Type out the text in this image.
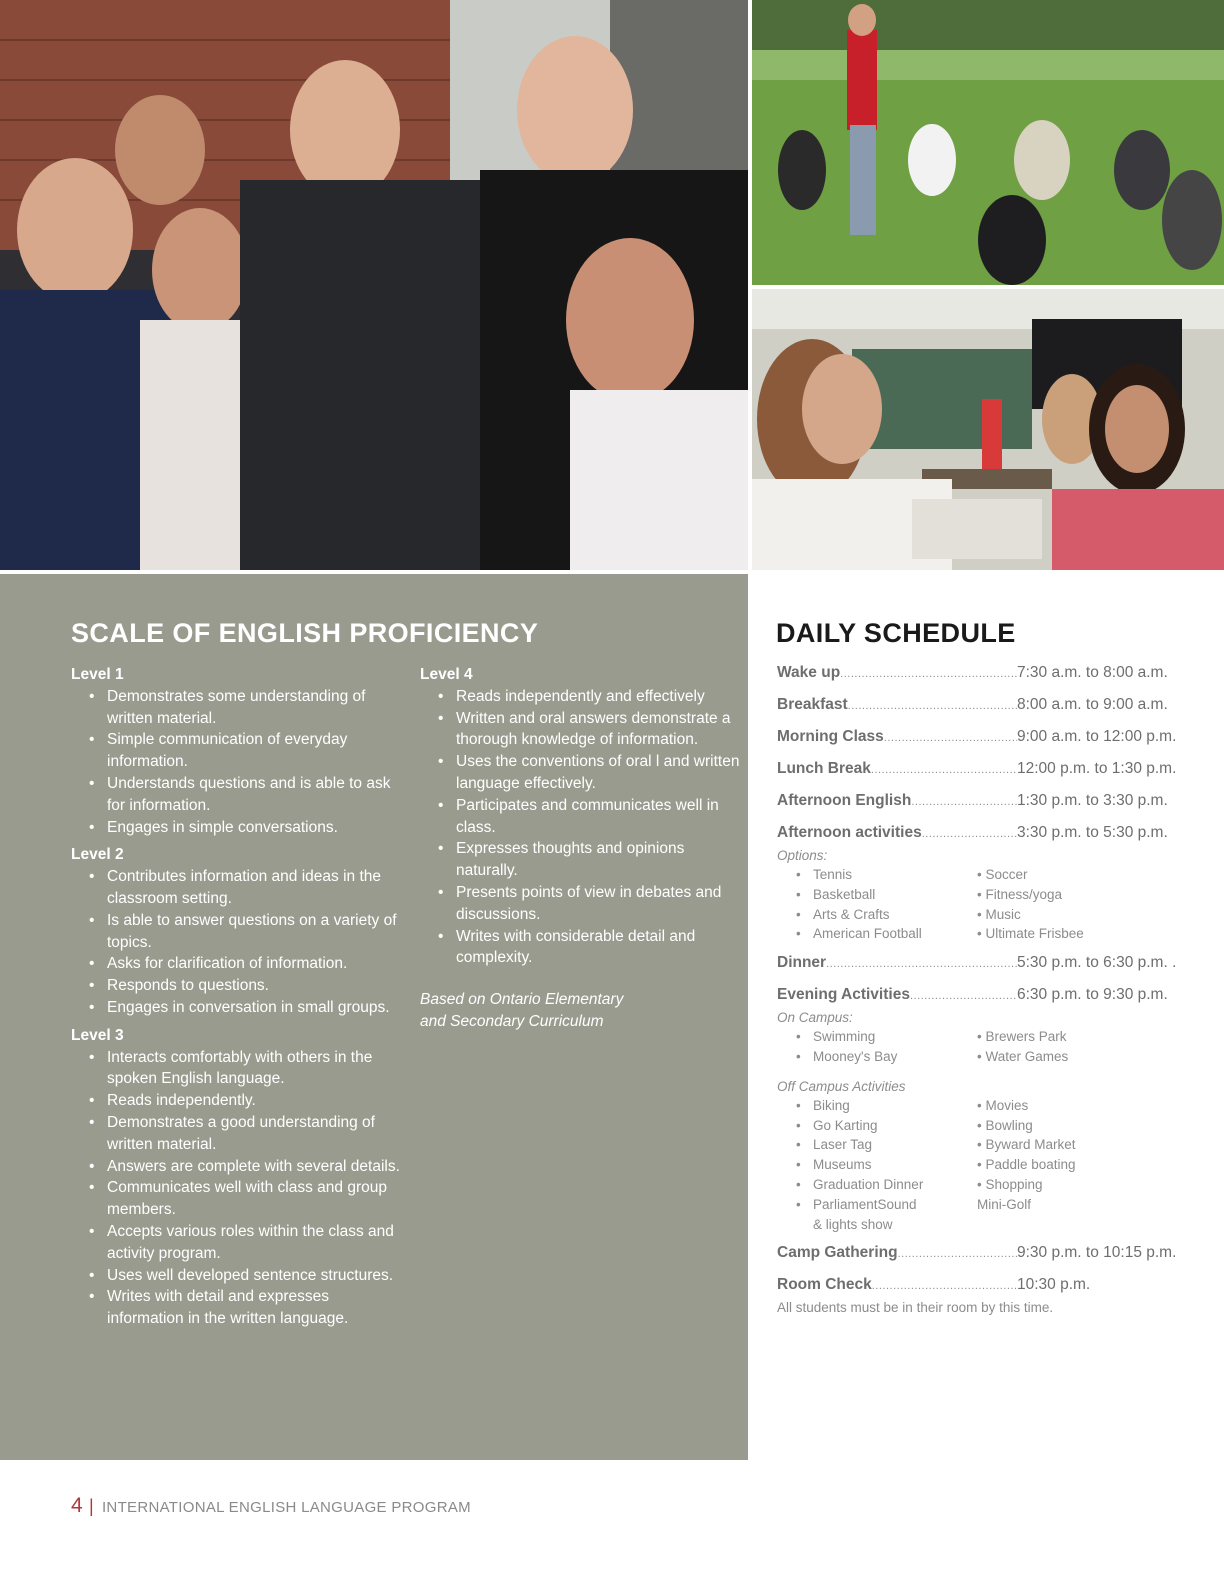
SCALE OF ENGLISH PROFICIENCY
Level 1
• Demonstrates some understanding of written material.
• Simple communication of everyday information.
• Understands questions and is able to ask for information.
• Engages in simple conversations.
Level 2
• Contributes information and ideas in the classroom setting.
• Is able to answer questions on a variety of topics.
• Asks for clarification of information.
• Responds to questions.
• Engages in conversation in small groups.
Level 3
• Interacts comfortably with others in the spoken English language.
• Reads independently.
• Demonstrates a good understanding of written material.
• Answers are complete with several details.
• Communicates well with class and group members.
• Accepts various roles within the class and activity program.
• Uses well developed sentence structures.
• Writes with detail and expresses information in the written language.
Level 4
• Reads independently and effectively
• Written and oral answers demonstrate a thorough knowledge of information.
• Uses the conventions of oral l and written language effectively.
• Participates and communicates well in class.
• Expresses thoughts and opinions naturally.
• Presents points of view in debates and discussions.
• Writes with considerable detail and complexity.
Based on Ontario Elementary
and Secondary Curriculum
DAILY SCHEDULE
Wake up .....	7:30 a.m. to 8:00 a.m.
Breakfast .....	8:00 a.m. to 9:00 a.m.
Morning Class .....	9:00 a.m. to 12:00 p.m.
Lunch Break .....	12:00 p.m. to 1:30 p.m.
Afternoon English .....	1:30 p.m. to 3:30 p.m.
Afternoon activities .....	3:30 p.m. to 5:30 p.m.
Options:
• Tennis
• Basketball
• Arts & Crafts
• American Football
• Soccer
• Fitness/yoga
• Music
• Ultimate Frisbee
Dinner .....	5:30 p.m. to 6:30 p.m. .
Evening Activities .....	6:30 p.m. to 9:30 p.m.
On Campus:
• Swimming
• Mooney's Bay
• Brewers Park
• Water Games
Off Campus Activities
• Biking
• Go Karting
• Laser Tag
• Museums
• Graduation Dinner
• ParliamentSound
& lights show
• Movies
• Bowling
• Byward Market
• Paddle boating
• Shopping
Mini-Golf
Camp Gathering .....	9:30 p.m. to 10:15 p.m.
Room Check .....	10:30 p.m.
All students must be in their room by this time.
4 | INTERNATIONAL ENGLISH LANGUAGE PROGRAM
